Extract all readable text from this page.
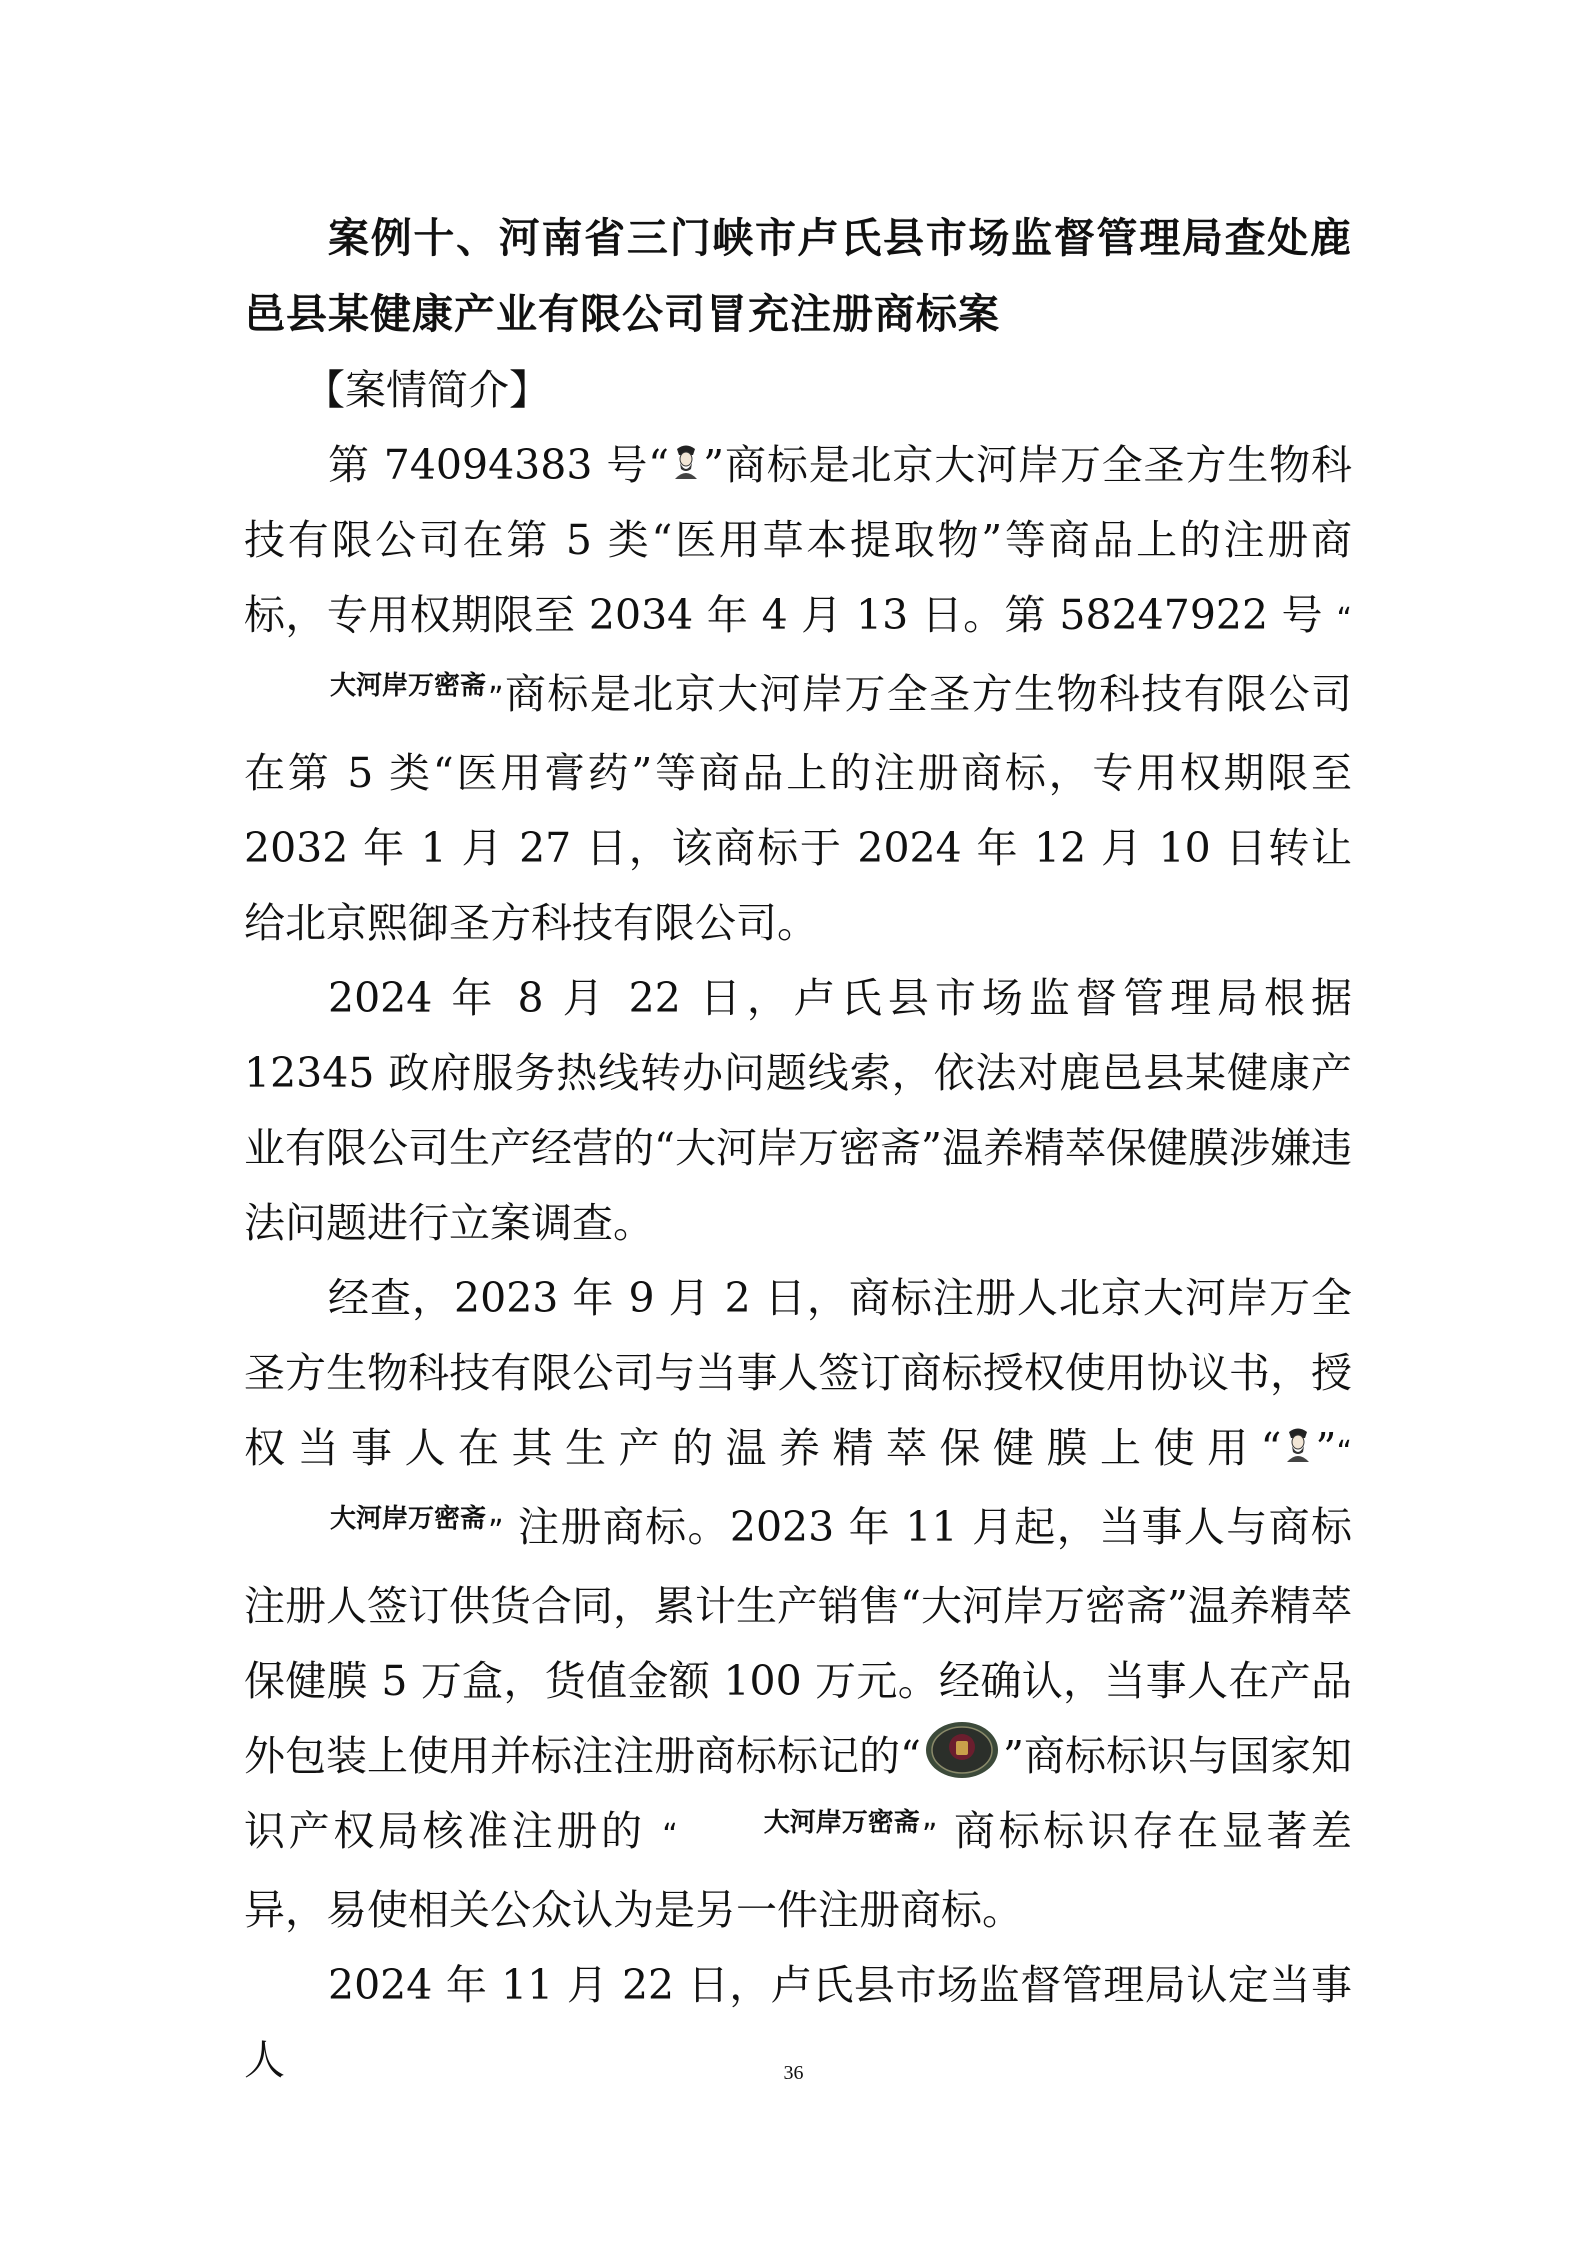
案例十、河南省三门峡市卢氏县市场监督管理局查处鹿邑县某健康产业有限公司冒充注册商标案
【案情简介】

第 74094383 号“ ”商标是北京大河岸万全圣方生物科技有限公司在第 5 类“医用草本提取物”等商品上的注册商标，专用权期限至 2034 年 4 月 13 日。第 58247922 号 “大河岸万密斋”商标是北京大河岸万全圣方生物科技有限公司在第 5 类“医用膏药”等商品上的注册商标，专用权期限至 2032 年 1 月 27 日，该商标于 2024 年 12 月 10 日转让给北京熙御圣方科技有限公司。

2024 年 8 月 22 日，卢氏县市场监督管理局根据 12345 政府服务热线转办问题线索，依法对鹿邑县某健康产业有限公司生产经营的“大河岸万密斋”温养精萃保健膜涉嫌违法问题进行立案调查。

经查，2023 年 9 月 2 日，商标注册人北京大河岸万全圣方生物科技有限公司与当事人签订商标授权使用协议书，授权当事人在其生产的温养精萃保健膜上使用“ ”“大河岸万密斋” 注册商标。2023 年 11 月起，当事人与商标注册人签订供货合同，累计生产销售“大河岸万密斋”温养精萃保健膜 5 万盒，货值金额 100 万元。经确认，当事人在产品外包装上使用并标注注册商标标记的“ ”商标标识与国家知识产权局核准注册的 “	大河岸万密斋” 商标标识存在显著差异，易使相关公众认为是另一件注册商标。

2024 年 11 月 22 日，卢氏县市场监督管理局认定当事人	36
